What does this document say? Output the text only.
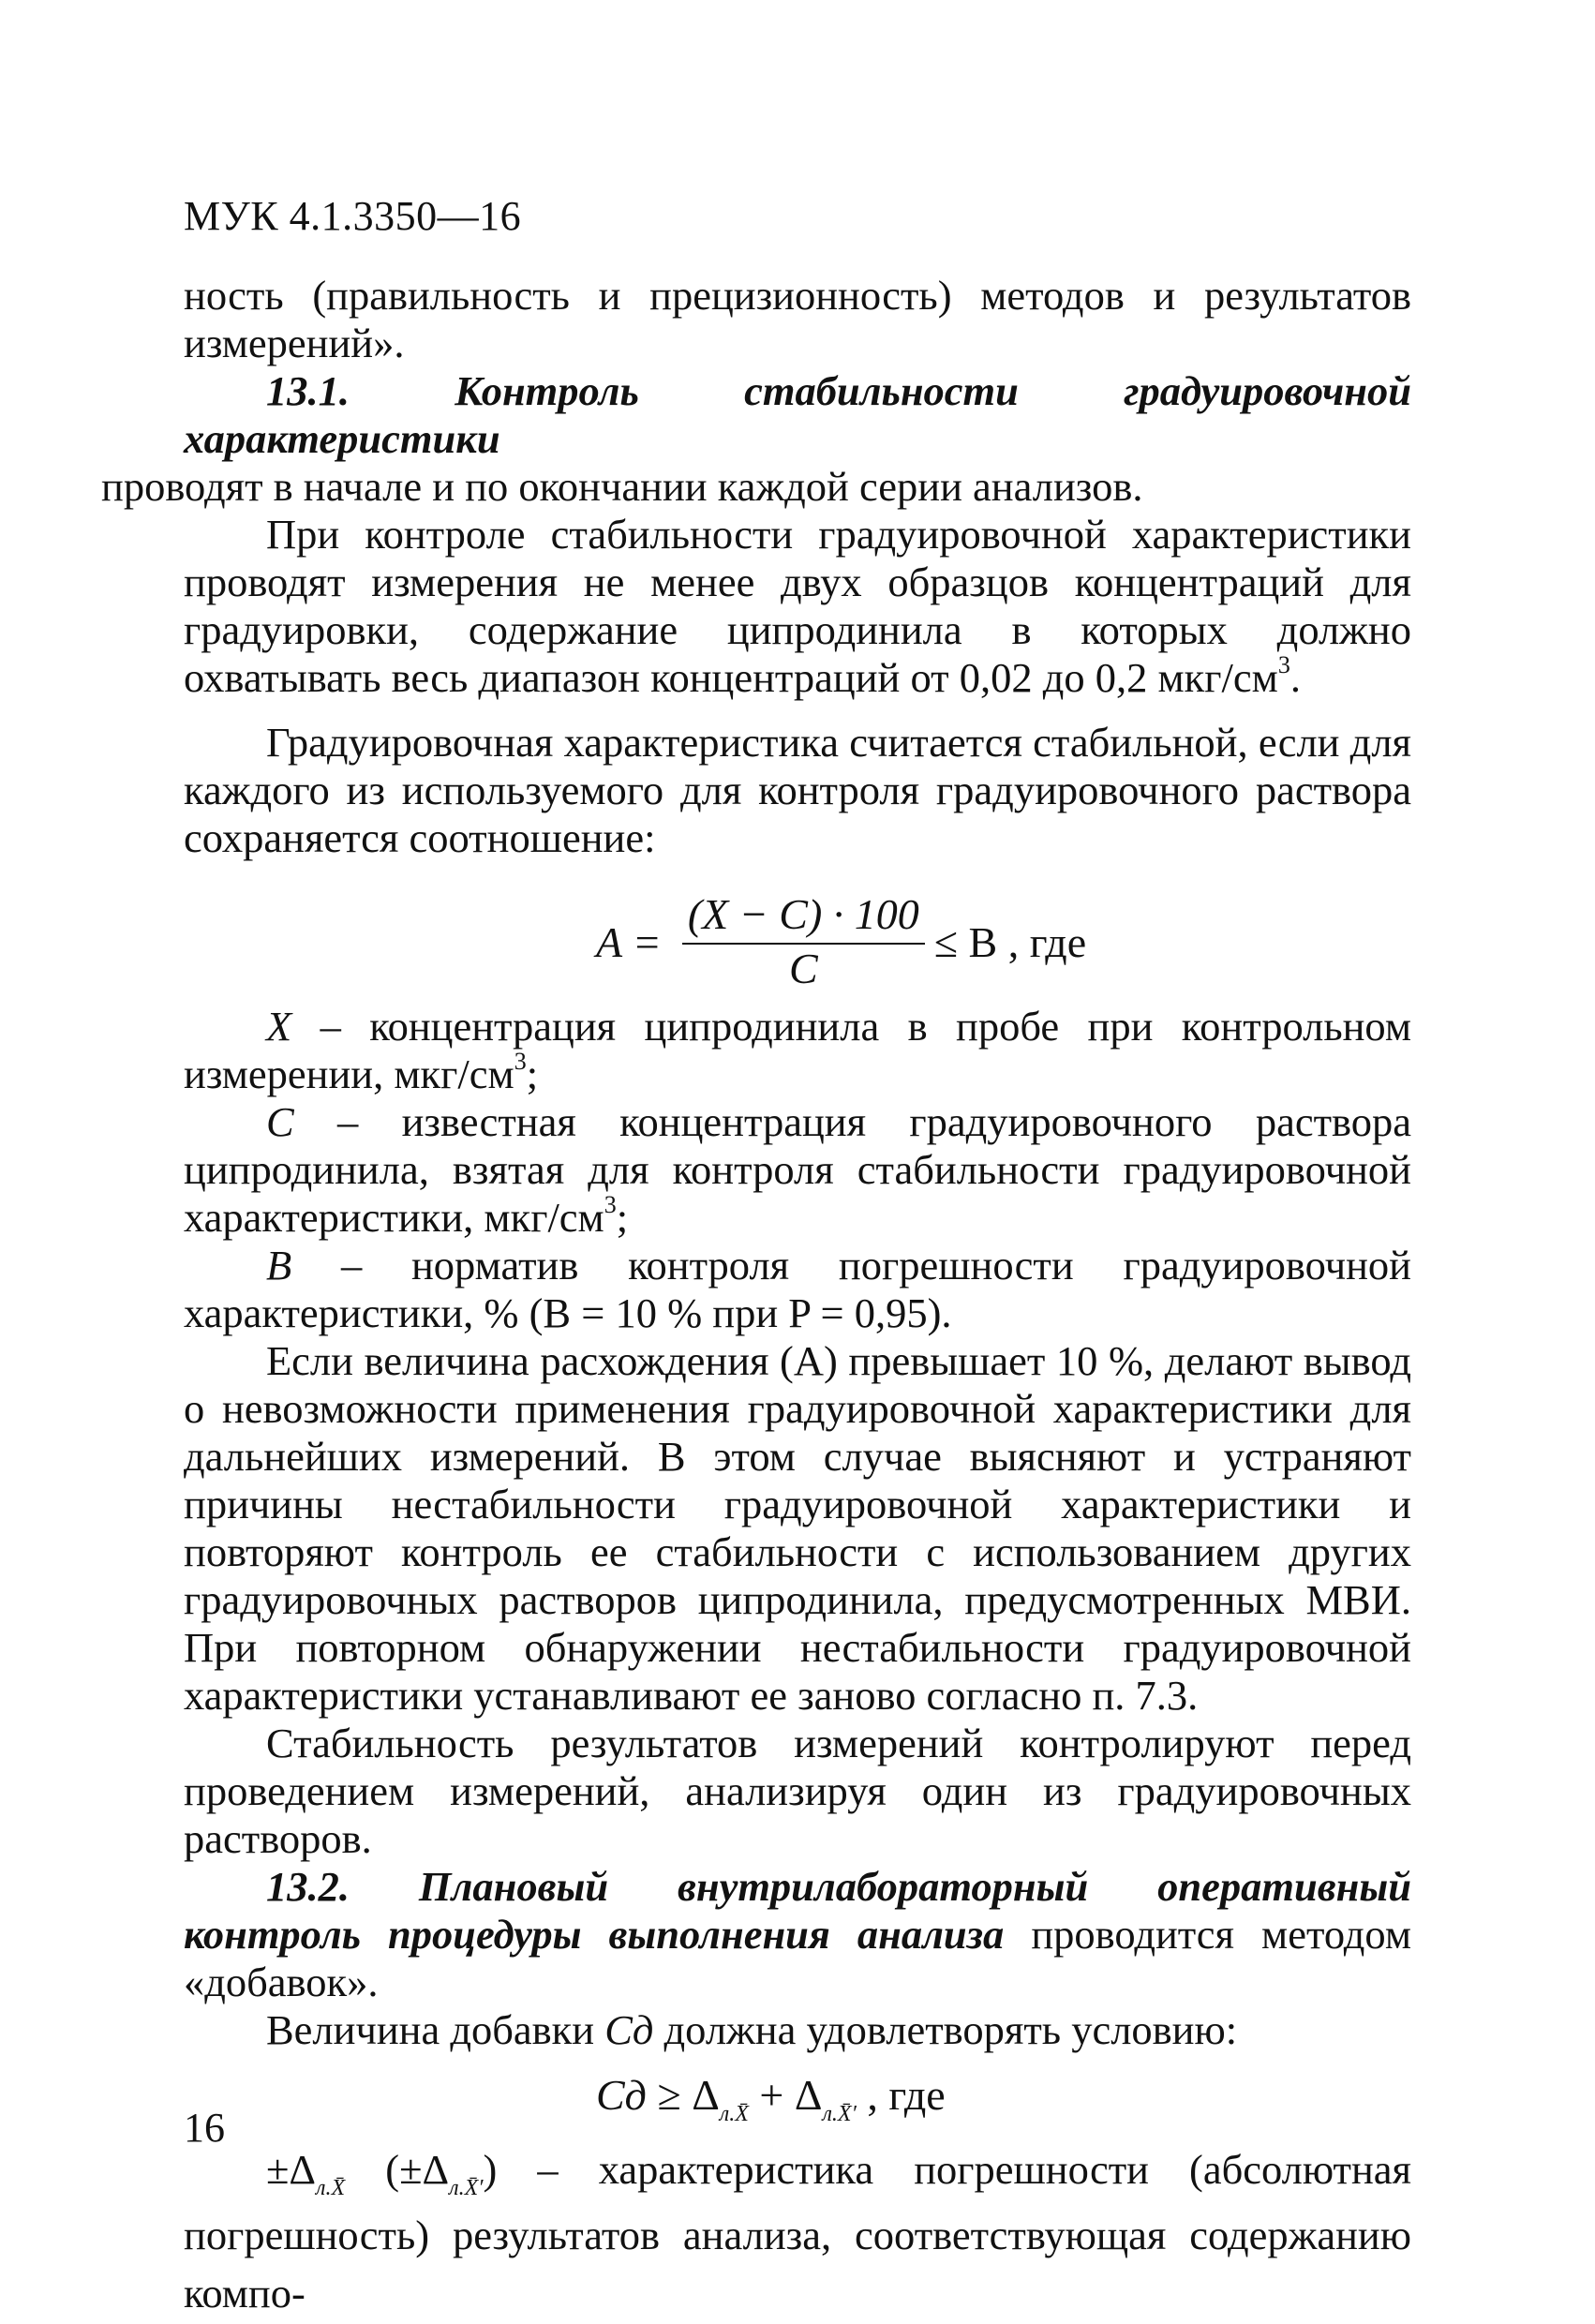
МУК 4.1.3350—16

ность (правильность и прецизионность) методов и результатов измерений».

13.1. Контроль стабильности градуировочной характеристики
проводят в начале и по окончании каждой серии анализов.

При контроле стабильности градуировочной характеристики проводят измерения не менее двух образцов концентраций для градуировки, содержание ципродинила в которых должно охватывать весь диапазон концентраций от 0,02 до 0,2 мкг/$см^3$.

Градуировочная характеристика считается стабильной, если для каждого из используемого для контроля градуировочного раствора сохраняется соотношение:

$A = \frac{(X - C) \cdot 100}{C} \le B$ , где

X – концентрация ципродинила в пробе при контрольном измерении, мкг/$см^3$;

C – известная концентрация градуировочного раствора ципродинила, взятая для контроля стабильности градуировочной характеристики, мкг/$см^3$;

B – норматив контроля погрешности градуировочной характеристики, % (B = 10 % при P = 0,95).

Если величина расхождения (A) превышает 10 %, делают вывод о невозможности применения градуировочной характеристики для дальнейших измерений. В этом случае выясняют и устраняют причины нестабильности градуировочной характеристики и повторяют контроль ее стабильности с использованием других градуировочных растворов ципродинила, предусмотренных МВИ. При повторном обнаружении нестабильности градуировочной характеристики устанавливают ее заново согласно п. 7.3.

Стабильность результатов измерений контролируют перед проведением измерений, анализируя один из градуировочных растворов.

13.2. Плановый внутрилабораторный оперативный контроль процедуры выполнения анализа проводится методом «добавок».

Величина добавки Cд должна удовлетворять условию:

Cд ≥ $\Delta_{л.X̄} + \Delta_{л.X̄'}$ , где

$\pm\Delta_{л.X̄}$ $(\pm\Delta_{л.X̄'})$ – характеристика погрешности (абсолютная погрешность) результатов анализа, соответствующая содержанию компо-

16
